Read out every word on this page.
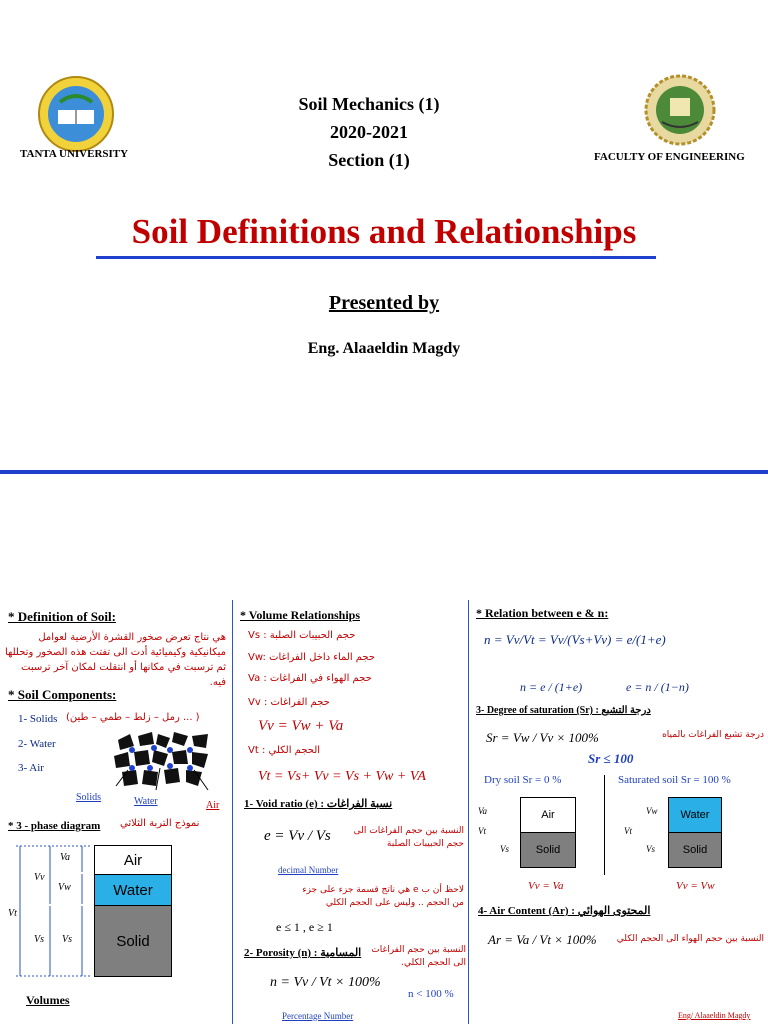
TANTA UNIVERSITY
Soil Mechanics (1)
2020-2021
Section (1)	FACULTY OF ENGINEERING
Soil Definitions and Relationships
Presented by
Eng. Alaaeldin Magdy
* Definition of Soil:
هي نتاج تعرض صخور القشرة الأرضية لعوامل ميكانيكية وكيميائية أدت الى تفتت هذه الصخور وتحللها ثم ترسبت في مكانها أو انتقلت لمكان آخر ترسبت فيه.
* Soil Components:
1- Solids (رمل – زلط – طمي – طين ... )
2- Water
3- Air
Solids	Water	Air
* 3 - phase diagram نموذج التربة الثلاثي
Air
Water
Solid
Vv
Vt
Va
Vw
Vs Vs
Volumes
* Volume Relationships
Vs : حجم الحبيبات الصلبة
Vw: حجم الماء داخل الفراغات
Va : حجم الهواء في الفراغات
Vv : حجم الفراغات
Vv = Vw + Va
Vt : الحجم الكلي
Vt = Vs+ Vv = Vs + Vw + VA
1- Void ratio (e) : نسبة الفراغات
e = Vv / Vs	النسبة بين حجم الفراغات الى حجم الحبيبات الصلبة
decimal Number
لاحظ أن ب e هي ناتج قسمة جزء على جزء من الحجم .. وليس على الحجم الكلي
e ≤ 1 , e ≥ 1
2- Porosity (n) : المسامية النسبة بين حجم الفراغات الى الحجم الكلي.
n = Vv / Vt × 100%
n < 100 %
Percentage Number
* Relation between e & n:
n = Vv/Vt = Vv/(Vs+Vv) = e/(1+e)
n = e / (1+e)	e = n / (1−n)
3- Degree of saturation (Sr) : درجة التشبع
Sr = Vw / Vv × 100%	درجة تشبع الفراغات بالمياه
Sr ≤ 100
Dry soil Sr = 0 %	Saturated soil Sr = 100 %
Air
Solid
Water
Solid
Va
Vt
Vs
Vw
Vt
Vs
Vv = Va	Vv = Vw
4- Air Content (Ar) : المحتوى الهوائي
Ar = Va / Vt × 100%	النسبة بين حجم الهواء الى الحجم الكلي
Eng/ Alaaeldin Magdy
